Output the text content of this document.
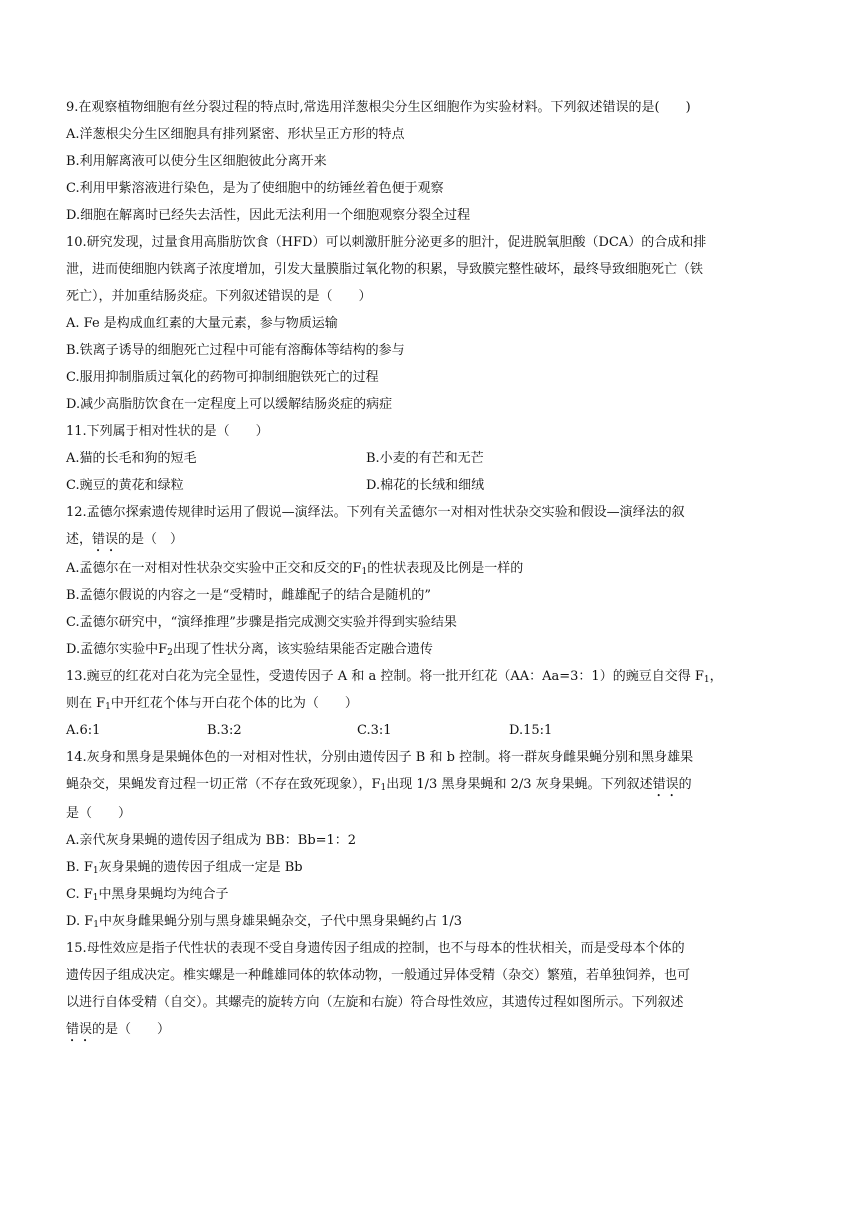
9.在观察植物细胞有丝分裂过程的特点时,常选用洋葱根尖分生区细胞作为实验材料。下列叙述错误的是(　　)
A.洋葱根尖分生区细胞具有排列紧密、形状呈正方形的特点
B.利用解离液可以使分生区细胞彼此分离开来
C.利用甲紫溶液进行染色，是为了使细胞中的纺锤丝着色便于观察
D.细胞在解离时已经失去活性，因此无法利用一个细胞观察分裂全过程
10.研究发现，过量食用高脂肪饮食（HFD）可以刺激肝脏分泌更多的胆汁，促进脱氧胆酸（DCA）的合成和排
泄，进而使细胞内铁离子浓度增加，引发大量膜脂过氧化物的积累，导致膜完整性破坏，最终导致细胞死亡（铁
死亡），并加重结肠炎症。下列叙述错误的是（　　）
A. Fe 是构成血红素的大量元素，参与物质运输
B.铁离子诱导的细胞死亡过程中可能有溶酶体等结构的参与
C.服用抑制脂质过氧化的药物可抑制细胞铁死亡的过程
D.减少高脂肪饮食在一定程度上可以缓解结肠炎症的病症
11.下列属于相对性状的是（　　）
A.猫的长毛和狗的短毛	B.小麦的有芒和无芒
C.豌豆的黄花和绿粒	D.棉花的长绒和细绒
12.孟德尔探索遗传规律时运用了假说—演绎法。下列有关孟德尔一对相对性状杂交实验和假设—演绎法的叙
述，错误的是（　）
A.孟德尔在一对相对性状杂交实验中正交和反交的$F_1$的性状表现及比例是一样的
B.孟德尔假说的内容之一是“受精时，雌雄配子的结合是随机的”
C.孟德尔研究中，“演绎推理”步骤是指完成测交实验并得到实验结果
D.孟德尔实验中$F_2$出现了性状分离，该实验结果能否定融合遗传
13.豌豆的红花对白花为完全显性，受遗传因子 A 和 a 控制。将一批开红花（AA：Aa=3：1）的豌豆自交得 $F_1$，
则在 $F_1$中开红花个体与开白花个体的比为（　　）
A.6:1	B.3:2	C.3:1	D.15:1
14.灰身和黑身是果蝇体色的一对相对性状，分别由遗传因子 B 和 b 控制。将一群灰身雌果蝇分别和黑身雄果
蝇杂交，果蝇发育过程一切正常（不存在致死现象），$F_1$出现 1/3 黑身果蝇和 2/3 灰身果蝇。下列叙述错误的
是（　　）
A.亲代灰身果蝇的遗传因子组成为 BB：Bb=1：2
B. $F_1$灰身果蝇的遗传因子组成一定是 Bb
C. $F_1$中黑身果蝇均为纯合子
D. $F_1$中灰身雌果蝇分别与黑身雄果蝇杂交，子代中黑身果蝇约占 1/3
15.母性效应是指子代性状的表现不受自身遗传因子组成的控制，也不与母本的性状相关，而是受母本个体的
遗传因子组成决定。椎实螺是一种雌雄同体的软体动物，一般通过异体受精（杂交）繁殖，若单独饲养，也可
以进行自体受精（自交）。其螺壳的旋转方向（左旋和右旋）符合母性效应，其遗传过程如图所示。下列叙述
错误的是（　　）
